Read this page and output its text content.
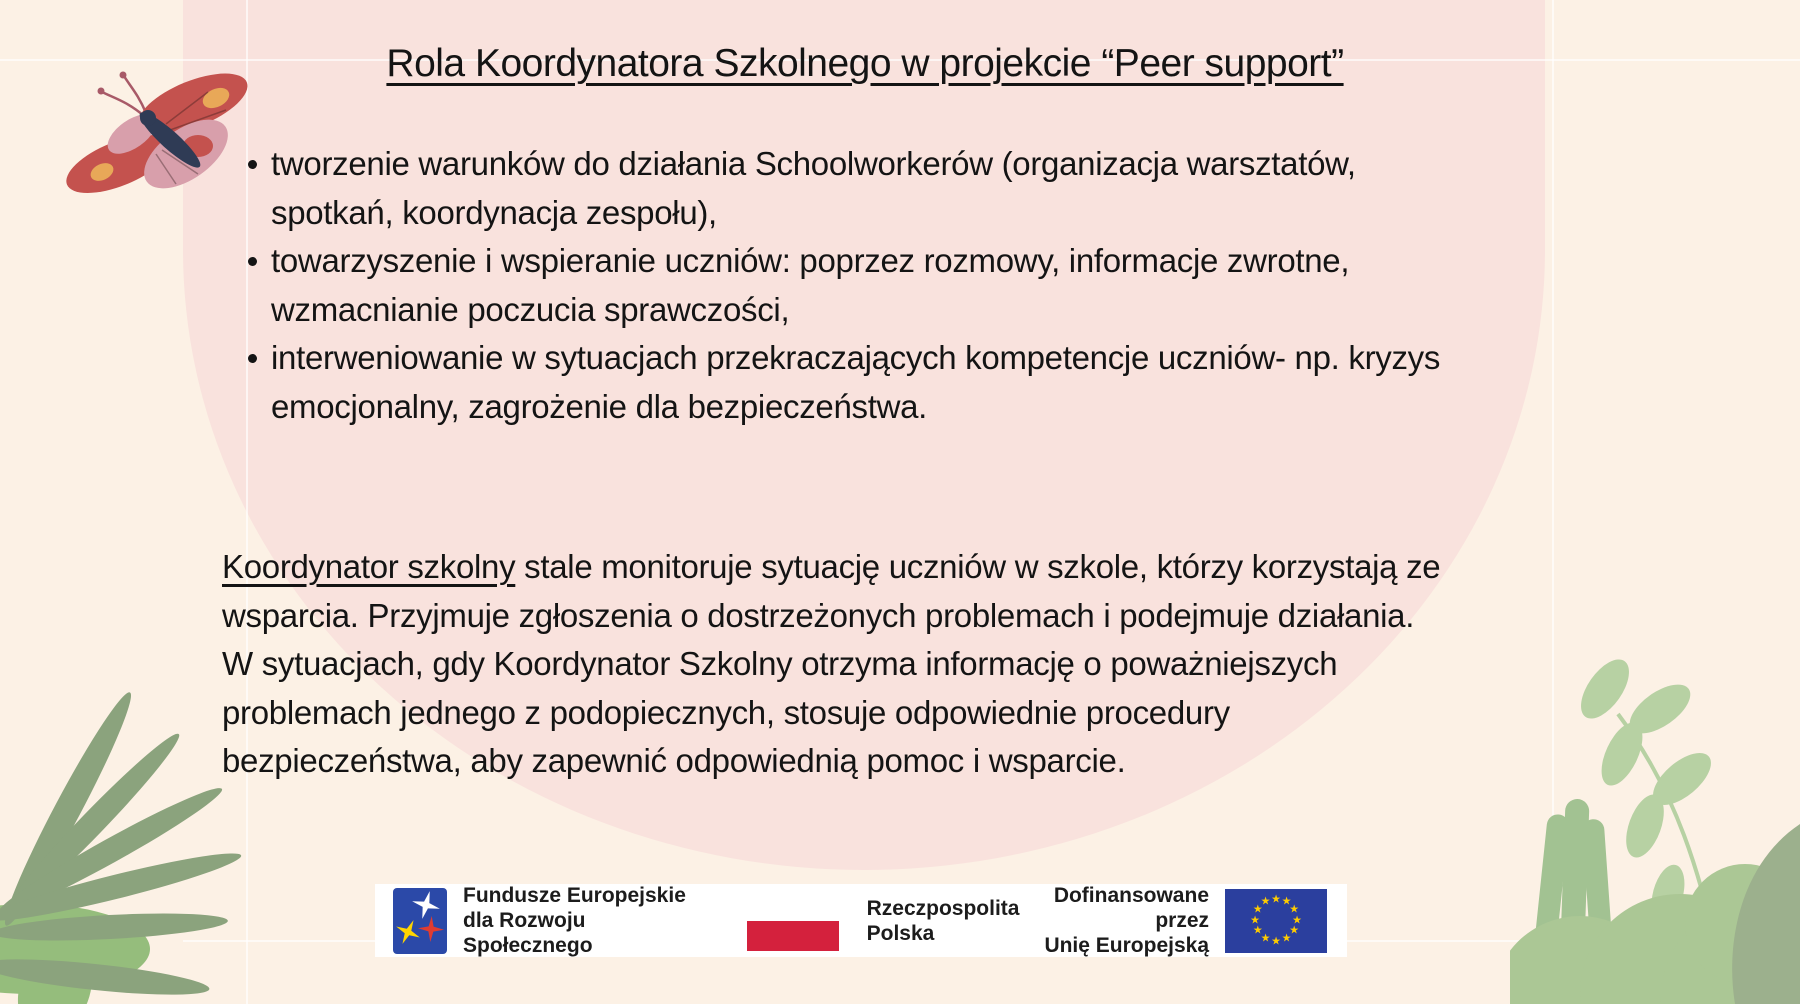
Rola Koordynatora Szkolnego w projekcie “Peer support”
tworzenie warunków do działania Schoolworkerów (organizacja warsztatów,
spotkań, koordynacja zespołu),
towarzyszenie i wspieranie uczniów: poprzez rozmowy, informacje zwrotne,
wzmacnianie poczucia sprawczości,
interweniowanie w sytuacjach przekraczających kompetencje uczniów- np. kryzys
emocjonalny, zagrożenie dla bezpieczeństwa.
Koordynator szkolny stale monitoruje sytuację uczniów w szkole, którzy korzystają ze
wsparcia. Przyjmuje zgłoszenia o dostrzeżonych problemach i podejmuje działania.
W sytuacjach, gdy Koordynator Szkolny otrzyma informację o poważniejszych
problemach jednego z podopiecznych, stosuje odpowiednie procedury
bezpieczeństwa, aby zapewnić odpowiednią pomoc i wsparcie.
Fundusze Europejskie
dla Rozwoju Społecznego
Rzeczpospolita
Polska
Dofinansowane przez
Unię Europejską
★ ★
★
★
★
★
★
★
★
★
★
★
